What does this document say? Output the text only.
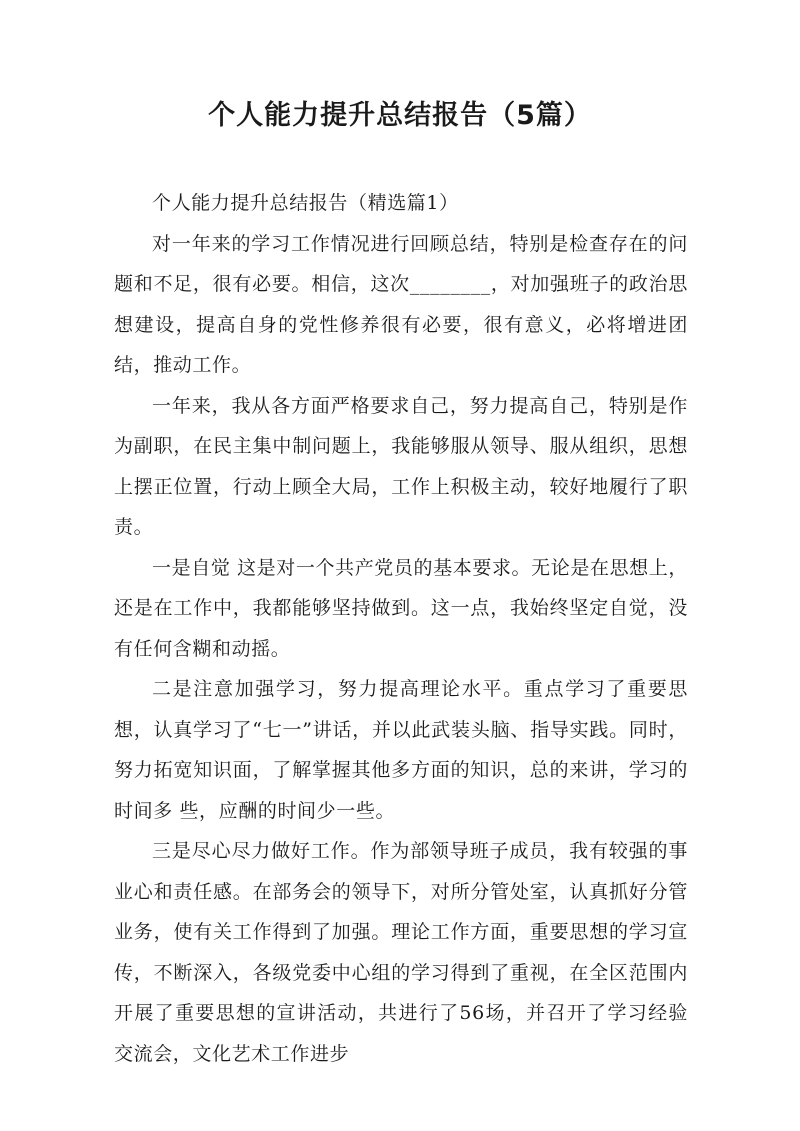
个人能力提升总结报告（5篇）

个人能力提升总结报告（精选篇1）

对一年来的学习工作情况进行回顾总结，特别是检查存在的问题和不足，很有必要。相信，这次________，对加强班子的政治思想建设，提高自身的党性修养很有必要，很有意义，必将增进团结，推动工作。

一年来，我从各方面严格要求自己，努力提高自己，特别是作为副职，在民主集中制问题上，我能够服从领导、服从组织，思想上摆正位置，行动上顾全大局，工作上积极主动，较好地履行了职责。

一是自觉 这是对一个共产党员的基本要求。无论是在思想上，还是在工作中，我都能够坚持做到。这一点，我始终坚定自觉，没有任何含糊和动摇。

二是注意加强学习，努力提高理论水平。重点学习了重要思想，认真学习了“七一”讲话，并以此武装头脑、指导实践。同时，努力拓宽知识面，了解掌握其他多方面的知识，总的来讲，学习的时间多 些，应酬的时间少一些。

三是尽心尽力做好工作。作为部领导班子成员，我有较强的事业心和责任感。在部务会的领导下，对所分管处室，认真抓好分管业务，使有关工作得到了加强。理论工作方面，重要思想的学习宣传，不断深入，各级党委中心组的学习得到了重视，在全区范围内开展了重要思想的宣讲活动，共进行了56场，并召开了学习经验交流会，文化艺术工作进步
